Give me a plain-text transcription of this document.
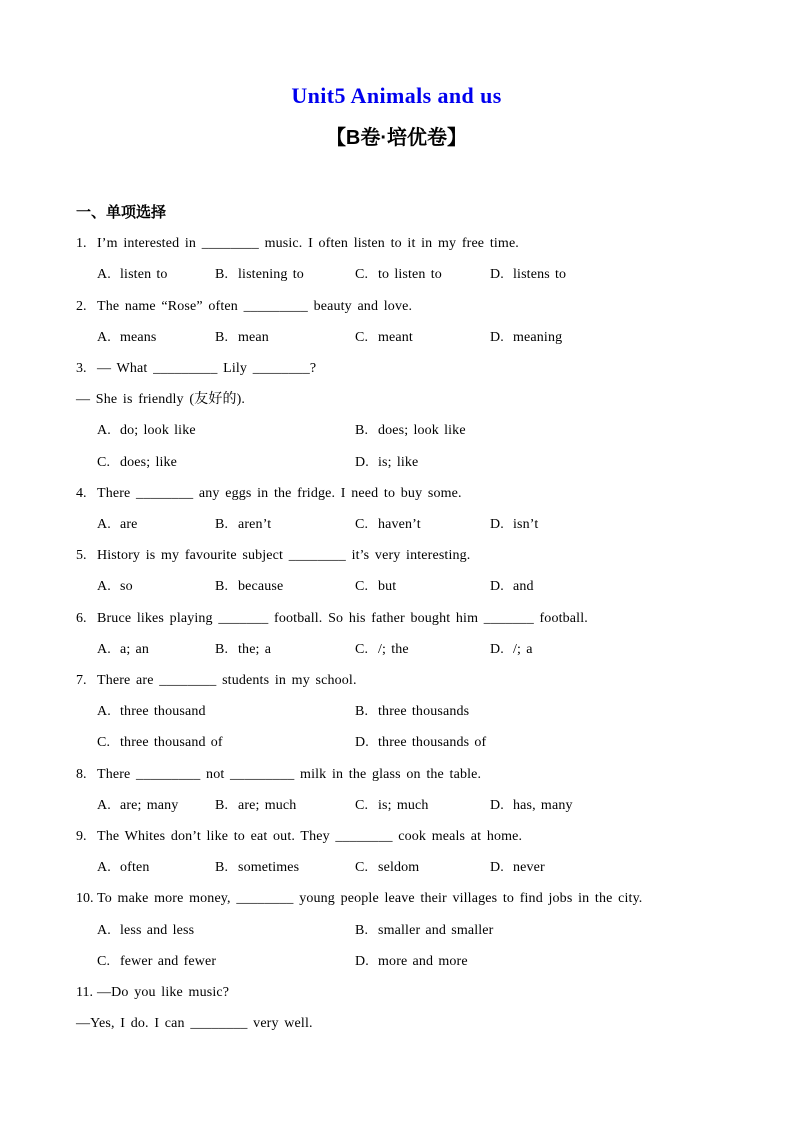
Unit5 Animals and us
【B卷·培优卷】
一、单项选择
1. I’m interested in ________ music. I often listen to it in my free time.
A. listen to	B. listening to	C. to listen to	D. listens to
2. The name “Rose” often _________ beauty and love.
A. means	B. mean	C. meant	D. meaning
3. — What _________ Lily ________?
— She is friendly (友好的).
A. do; look like	B. does; look like
C. does; like	D. is; like
4. There ________ any eggs in the fridge. I need to buy some.
A. are	B. aren’t	C. haven’t	D. isn’t
5. History is my favourite subject ________ it’s very interesting.
A. so	B. because	C. but	D. and
6. Bruce likes playing _______ football. So his father bought him _______ football.
A. a; an	B. the; a	C. /; the	D. /; a
7. There are ________ students in my school.
A. three thousand	B. three thousands
C. three thousand of	D. three thousands of
8. There _________ not _________ milk in the glass on the table.
A. are; many	B. are; much	C. is; much	D. has, many
9. The Whites don’t like to eat out. They ________ cook meals at home.
A. often	B. sometimes	C. seldom	D. never
10. To make more money, ________ young people leave their villages to find jobs in the city.
A. less and less	B. smaller and smaller
C. fewer and fewer	D. more and more
11. —Do you like music?
—Yes, I do. I can ________ very well.
